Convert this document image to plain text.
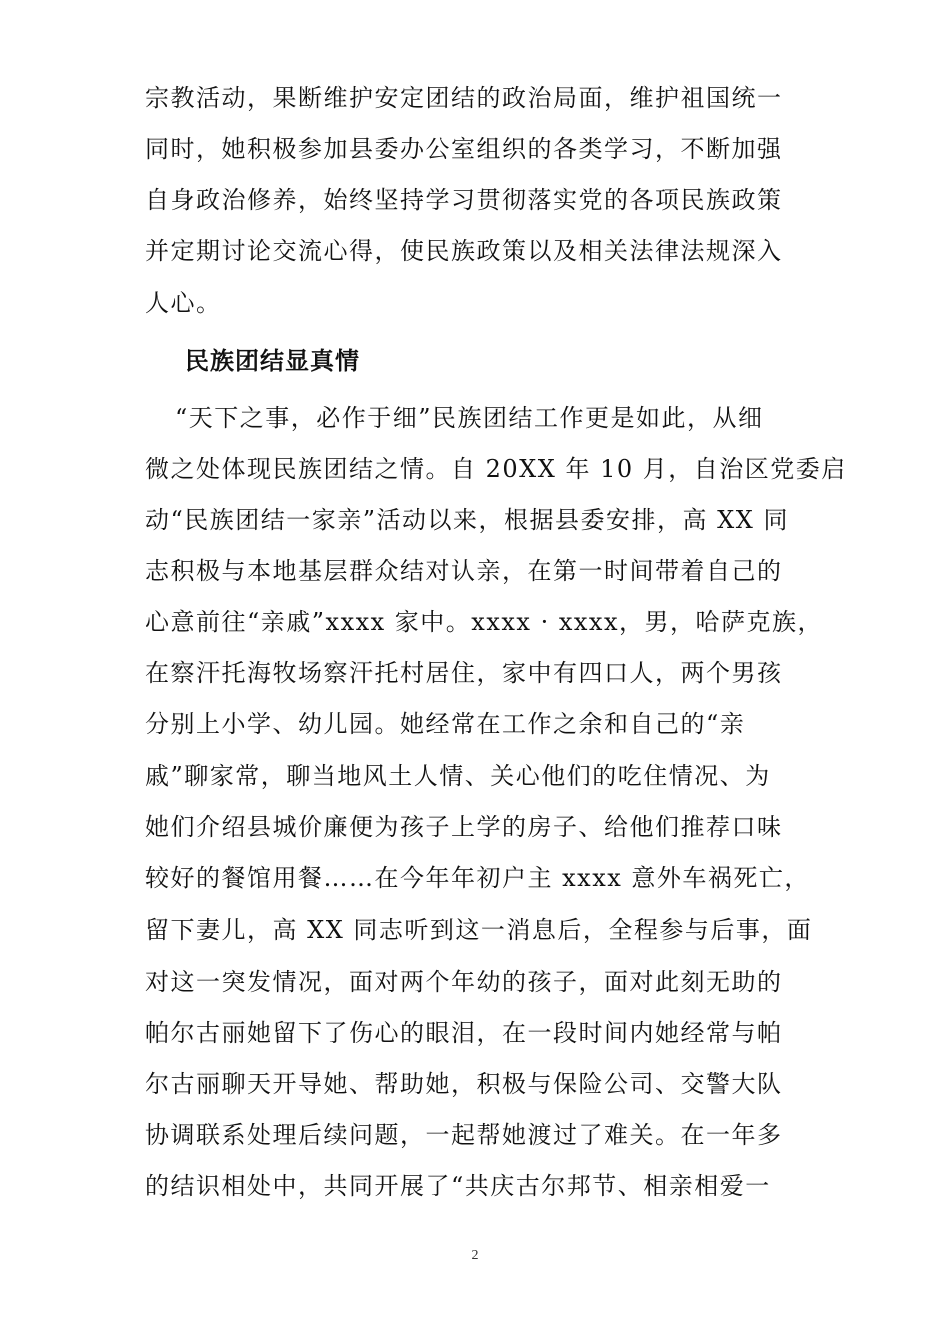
宗教活动，果断维护安定团结的政治局面，维护祖国统一
同时，她积极参加县委办公室组织的各类学习，不断加强
自身政治修养，始终坚持学习贯彻落实党的各项民族政策
并定期讨论交流心得，使民族政策以及相关法律法规深入
人心。
民族团结显真情
“天下之事，必作于细”民族团结工作更是如此，从细
微之处体现民族团结之情。自 20XX 年 10 月，自治区党委启
动“民族团结一家亲”活动以来，根据县委安排，高 XX 同
志积极与本地基层群众结对认亲，在第一时间带着自己的
心意前往“亲戚”xxxx 家中。xxxx · xxxx，男，哈萨克族，
在察汗托海牧场察汗托村居住，家中有四口人，两个男孩
分别上小学、幼儿园。她经常在工作之余和自己的“亲
戚”聊家常，聊当地风土人情、关心他们的吃住情况、为
她们介绍县城价廉便为孩子上学的房子、给他们推荐口味
较好的餐馆用餐……在今年年初户主 xxxx 意外车祸死亡，
留下妻儿，高 XX 同志听到这一消息后，全程参与后事，面
对这一突发情况，面对两个年幼的孩子，面对此刻无助的
帕尔古丽她留下了伤心的眼泪，在一段时间内她经常与帕
尔古丽聊天开导她、帮助她，积极与保险公司、交警大队
协调联系处理后续问题，一起帮她渡过了难关。在一年多
的结识相处中，共同开展了“共庆古尔邦节、相亲相爱一
2
